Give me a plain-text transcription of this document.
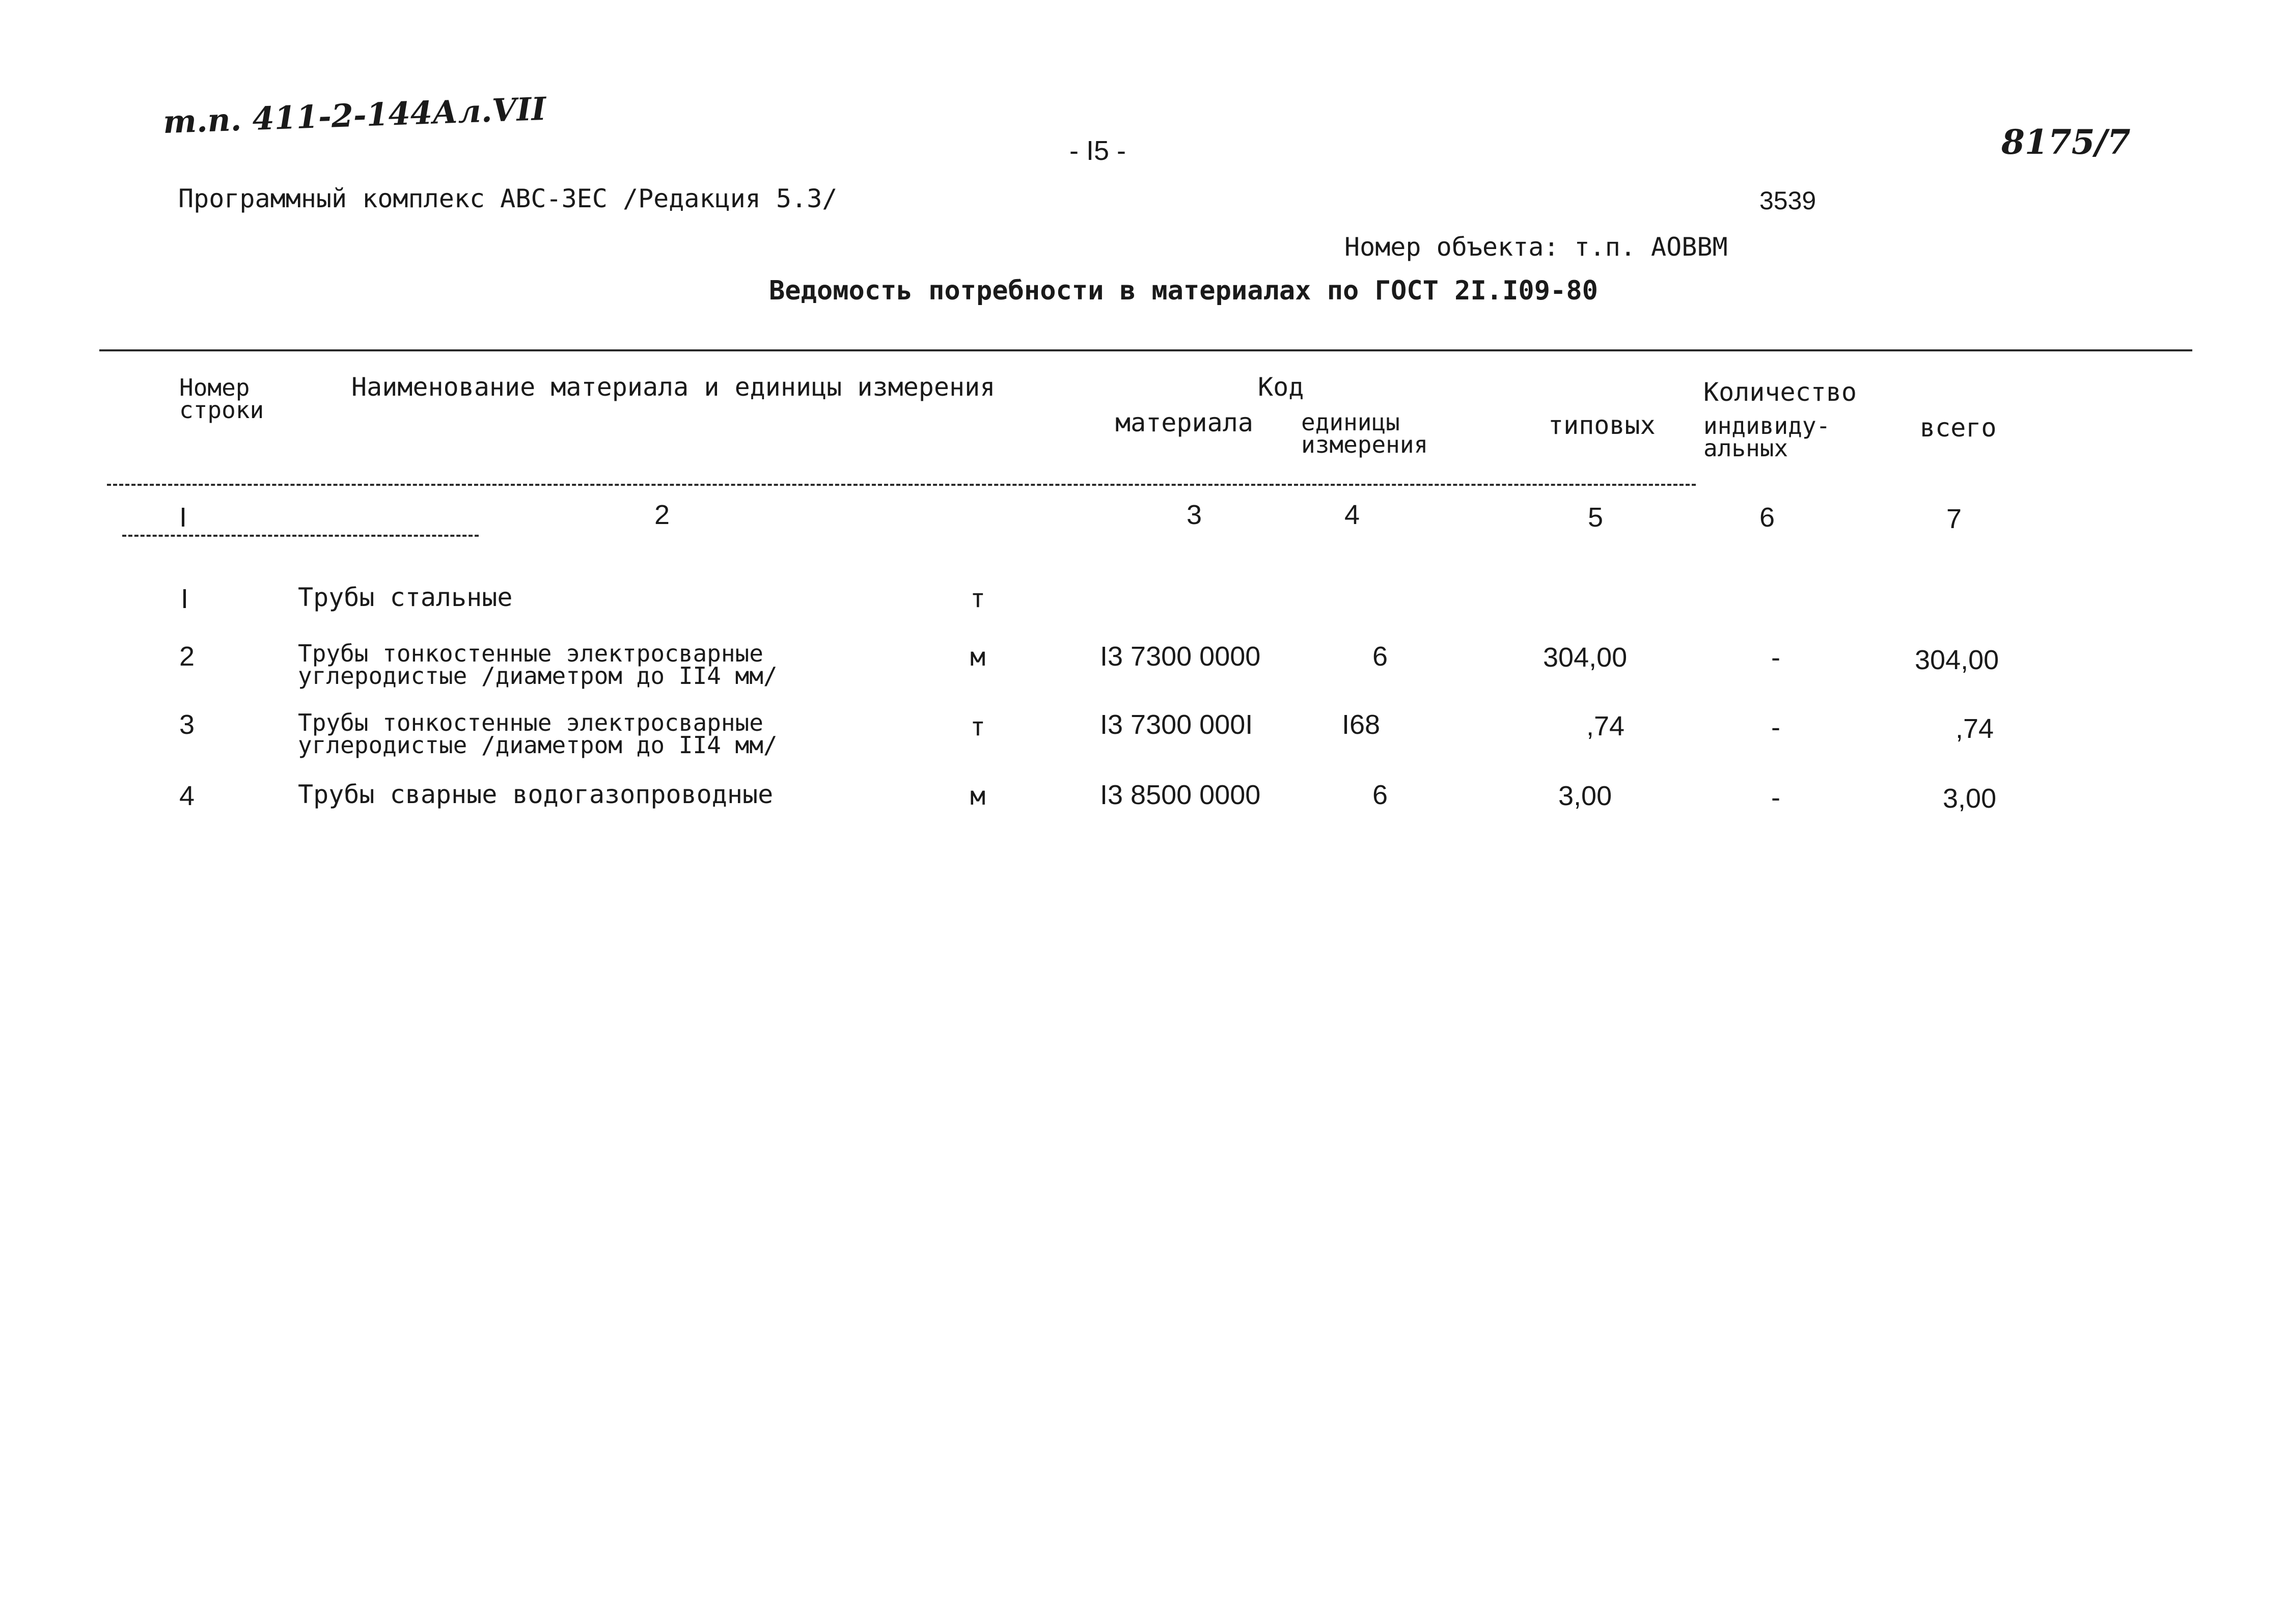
т.п. 411-2-144Ал.VII
8175/7
- I5 -
Программный комплекс АВС-ЗЕС /Редакция 5.3/	3539
Номер объекта: т.п. АОВВМ
Ведомость потребности в материалах по ГОСТ 2I.I09-80
Номер
строки
Наименование материала и единицы измерения	Код
материала единицы
измерения
типовых
Количество
индивиду-
альных
всего
I	2	3	4	5	6	7
I	Трубы стальные	т
2	Трубы тонкостенные электросварные
углеродистые /диаметром до II4 мм/
м	I3 7300 0000	6	304,00	-	304,00
3	Трубы тонкостенные электросварные
углеродистые /диаметром до II4 мм/
т	I3 7300 000I	I68	,74	-	,74
4	Трубы сварные водогазопроводные	м	I3 8500 0000	6	3,00	-	3,00
